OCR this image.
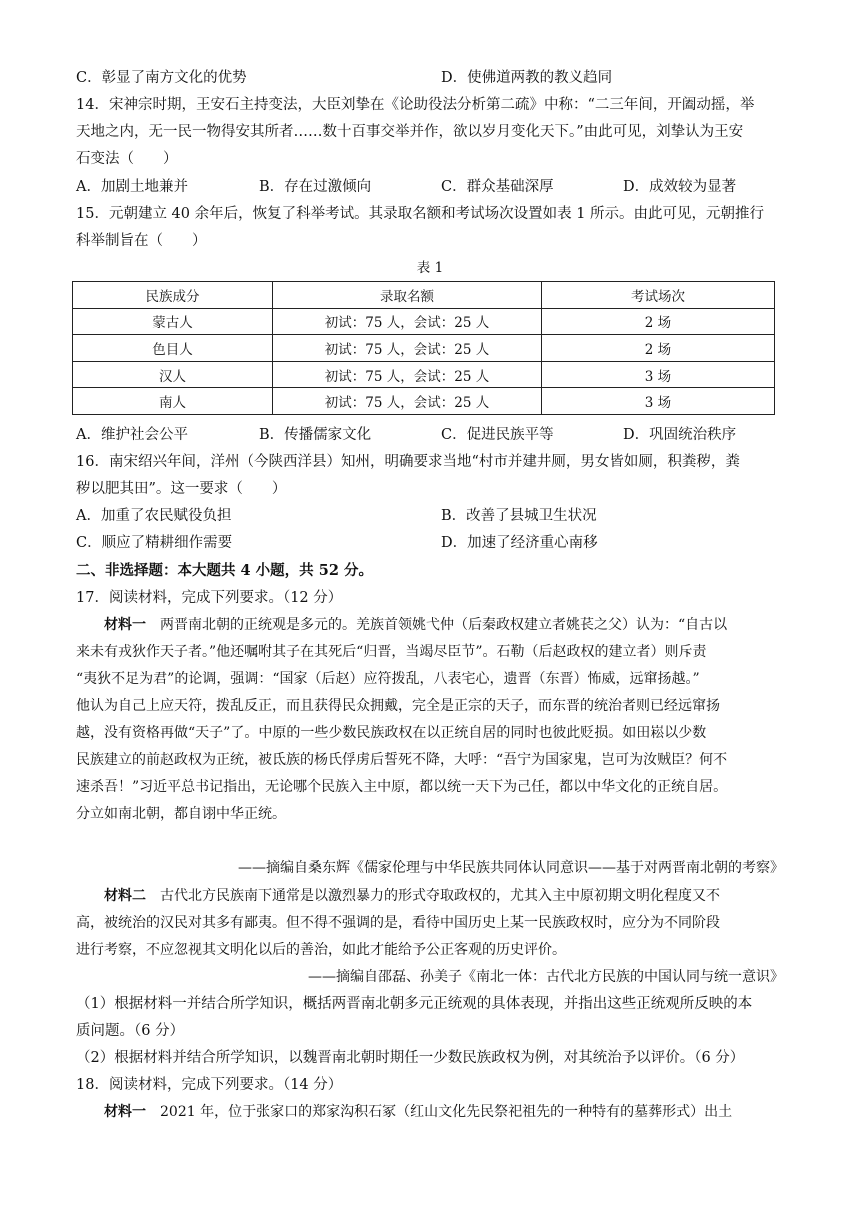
C．彰显了南方文化的优势	D．使佛道两教的教义趋同
14．宋神宗时期，王安石主持变法，大臣刘挚在《论助役法分析第二疏》中称：“二三年间，开阖动摇，举
天地之内，无一民一物得安其所者……数十百事交举并作，欲以岁月变化天下。”由此可见，刘挚认为王安
石变法（　　）
A．加剧土地兼并	B．存在过激倾向	C．群众基础深厚	D．成效较为显著
15．元朝建立 40 余年后，恢复了科举考试。其录取名额和考试场次设置如表 1 所示。由此可见，元朝推行
科举制旨在（　　）
表 1
民族成分	录取名额	考试场次
蒙古人	初试：75 人，会试：25 人	2 场
色目人	初试：75 人，会试：25 人	2 场
汉人	初试：75 人，会试：25 人	3 场
南人	初试：75 人，会试：25 人	3 场
A．维护社会公平	B．传播儒家文化	C．促进民族平等	D．巩固统治秩序
16．南宋绍兴年间，洋州（今陕西洋县）知州，明确要求当地“村市并建井厕，男女皆如厕，积粪秽，粪
秽以肥其田”。这一要求（　　）
A．加重了农民赋役负担	B．改善了县城卫生状况
C．顺应了精耕细作需要	D．加速了经济重心南移
二、非选择题：本大题共 4 小题，共 52 分。
17．阅读材料，完成下列要求。（12 分）
　　材料一　两晋南北朝的正统观是多元的。羌族首领姚弋仲（后秦政权建立者姚苌之父）认为：“自古以
来未有戎狄作天子者。”他还嘱咐其子在其死后“归晋，当竭尽臣节”。石勒（后赵政权的建立者）则斥责
“夷狄不足为君”的论调，强调：“国家（后赵）应符拨乱，八表宅心，遗晋（东晋）怖威，远窜扬越。”
他认为自己上应天符，拨乱反正，而且获得民众拥戴，完全是正宗的天子，而东晋的统治者则已经远窜扬
越，没有资格再做“天子”了。中原的一些少数民族政权在以正统自居的同时也彼此贬损。如田崧以少数
民族建立的前赵政权为正统，被氐族的杨氏俘虏后誓死不降，大呼：“吾宁为国家鬼，岂可为汝贼臣？何不
速杀吾！”习近平总书记指出，无论哪个民族入主中原，都以统一天下为己任，都以中华文化的正统自居。
分立如南北朝，都自诩中华正统。
——摘编自桑东辉《儒家伦理与中华民族共同体认同意识——基于对两晋南北朝的考察》
　　材料二　古代北方民族南下通常是以激烈暴力的形式夺取政权的，尤其入主中原初期文明化程度又不
高，被统治的汉民对其多有鄙夷。但不得不强调的是，看待中国历史上某一民族政权时，应分为不同阶段
进行考察，不应忽视其文明化以后的善治，如此才能给予公正客观的历史评价。
——摘编自邵磊、孙美子《南北一体：古代北方民族的中国认同与统一意识》
（1）根据材料一并结合所学知识，概括两晋南北朝多元正统观的具体表现，并指出这些正统观所反映的本
质问题。（6 分）
（2）根据材料并结合所学知识，以魏晋南北朝时期任一少数民族政权为例，对其统治予以评价。（6 分）
18．阅读材料，完成下列要求。（14 分）
　　材料一　2021 年，位于张家口的郑家沟积石冢（红山文化先民祭祀祖先的一种特有的墓葬形式）出土
